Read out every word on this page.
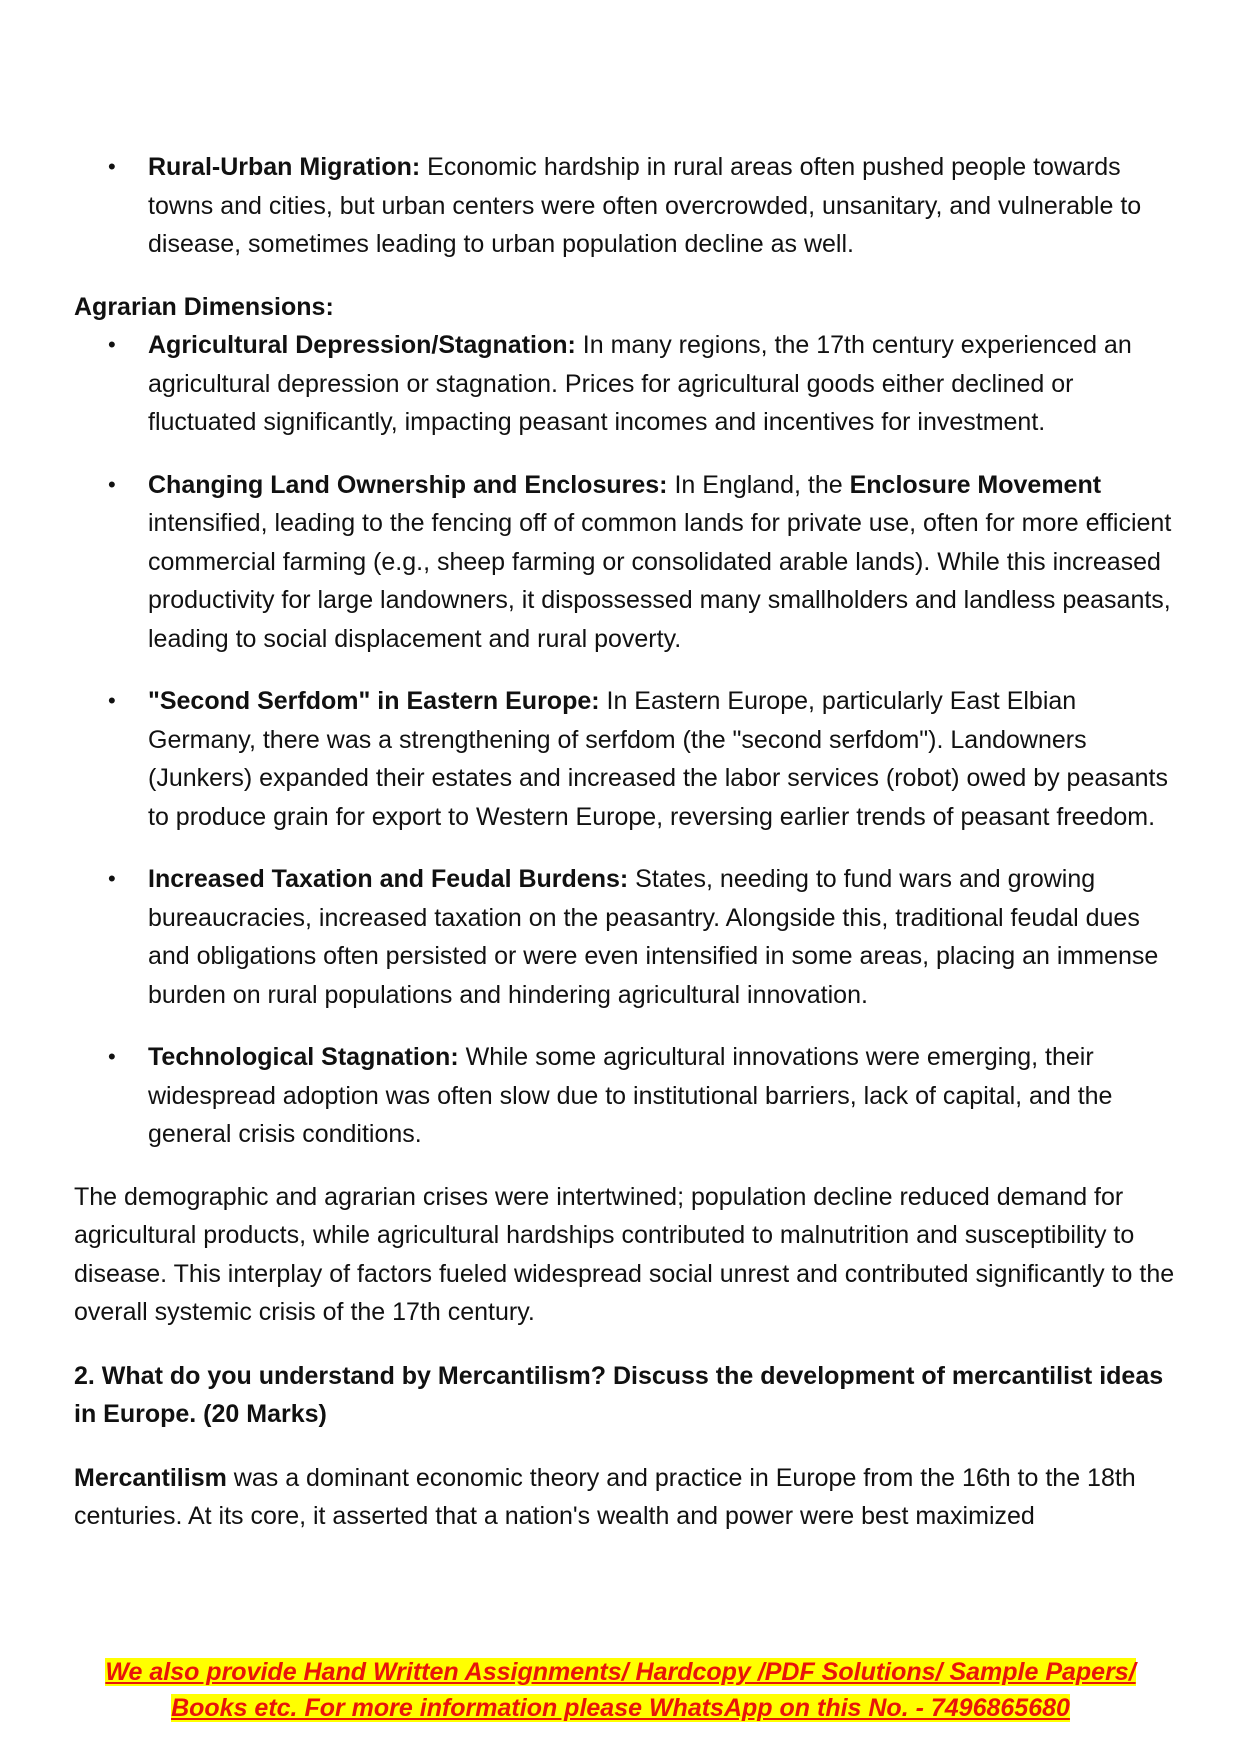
• Rural-Urban Migration: Economic hardship in rural areas often pushed people towards towns and cities, but urban centers were often overcrowded, unsanitary, and vulnerable to disease, sometimes leading to urban population decline as well.

Agrarian Dimensions:

• Agricultural Depression/Stagnation: In many regions, the 17th century experienced an agricultural depression or stagnation. Prices for agricultural goods either declined or fluctuated significantly, impacting peasant incomes and incentives for investment.
• Changing Land Ownership and Enclosures: In England, the Enclosure Movement intensified, leading to the fencing off of common lands for private use, often for more efficient commercial farming (e.g., sheep farming or consolidated arable lands). While this increased productivity for large landowners, it dispossessed many smallholders and landless peasants, leading to social displacement and rural poverty.
• "Second Serfdom" in Eastern Europe: In Eastern Europe, particularly East Elbian Germany, there was a strengthening of serfdom (the "second serfdom"). Landowners (Junkers) expanded their estates and increased the labor services (robot) owed by peasants to produce grain for export to Western Europe, reversing earlier trends of peasant freedom.
• Increased Taxation and Feudal Burdens: States, needing to fund wars and growing bureaucracies, increased taxation on the peasantry. Alongside this, traditional feudal dues and obligations often persisted or were even intensified in some areas, placing an immense burden on rural populations and hindering agricultural innovation.
• Technological Stagnation: While some agricultural innovations were emerging, their widespread adoption was often slow due to institutional barriers, lack of capital, and the general crisis conditions.

The demographic and agrarian crises were intertwined; population decline reduced demand for agricultural products, while agricultural hardships contributed to malnutrition and susceptibility to disease. This interplay of factors fueled widespread social unrest and contributed significantly to the overall systemic crisis of the 17th century.

2. What do you understand by Mercantilism? Discuss the development of mercantilist ideas in Europe. (20 Marks)

Mercantilism was a dominant economic theory and practice in Europe from the 16th to the 18th centuries. At its core, it asserted that a nation's wealth and power were best maximized

We also provide Hand Written Assignments/ Hardcopy /PDF Solutions/ Sample Papers/
Books etc. For more information please WhatsApp on this No. - 7496865680
